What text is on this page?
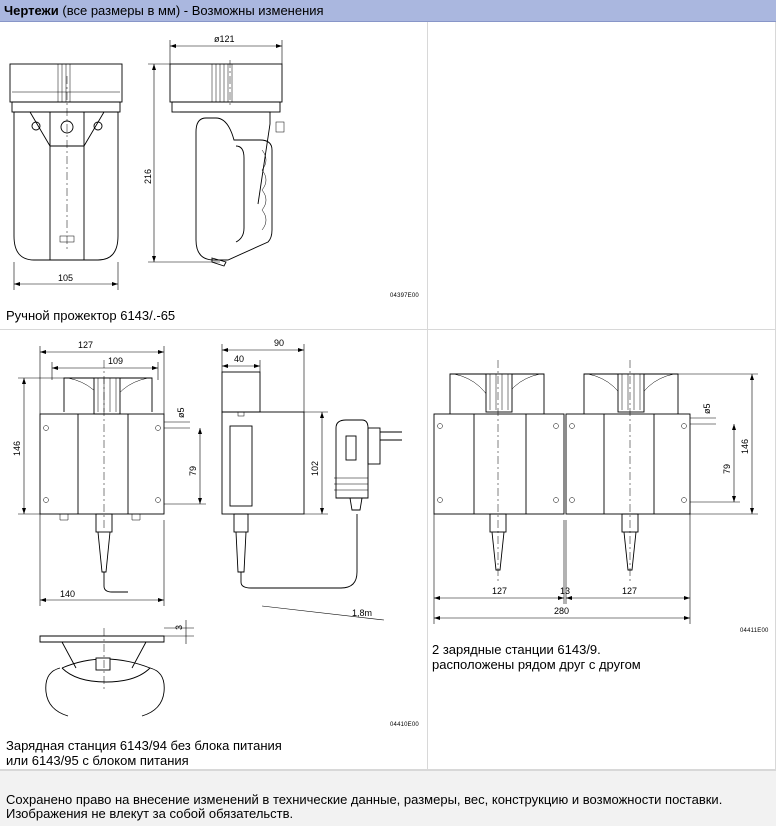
Чертежи (все размеры в мм) - Возможны изменения
ø121
216
105
04397E00
Ручной прожектор 6143/.-65
127
109
146
ø5
79
140
90
40
102
1,8m
3
04410E00
Зарядная станция 6143/94 без блока питания
или 6143/95 с блоком питания
ø5
146
79
127	13	127
280
04411E00
2 зарядные станции 6143/9.
расположены рядом друг с другом
Сохранено право на внесение изменений в технические данные, размеры, вес, конструкцию и возможности поставки.
Изображения не влекут за собой обязательств.
